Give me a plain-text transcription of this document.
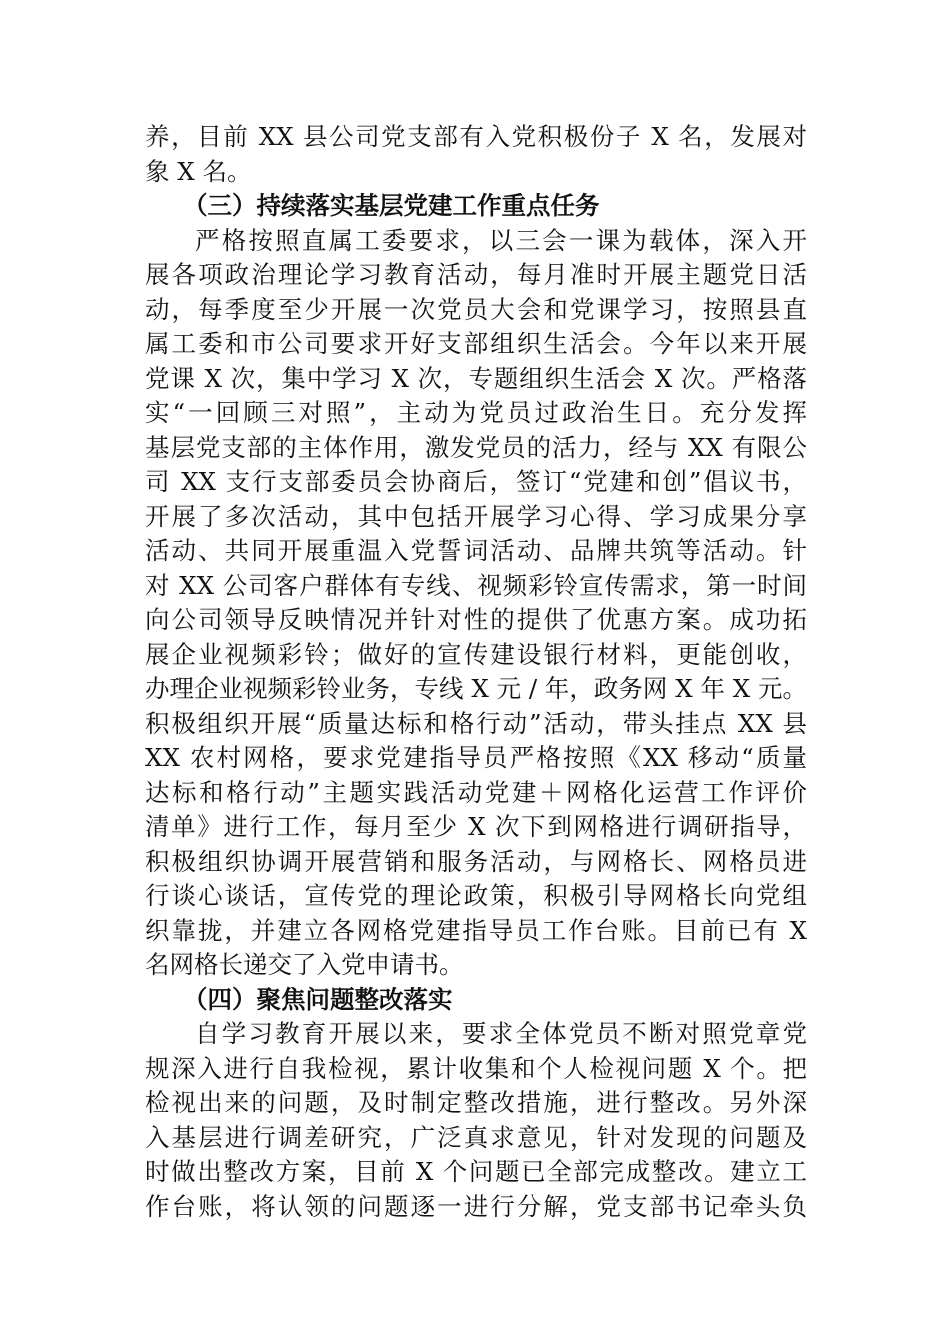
养，目前 XX 县公司党支部有入党积极份子 X 名，发展对
象 X 名。
（三）持续落实基层党建工作重点任务
严格按照直属工委要求，以三会一课为载体，深入开
展各项政治理论学习教育活动，每月准时开展主题党日活
动，每季度至少开展一次党员大会和党课学习，按照县直
属工委和市公司要求开好支部组织生活会。今年以来开展
党课 X 次，集中学习 X 次，专题组织生活会 X 次。严格落
实“一回顾三对照”，主动为党员过政治生日。充分发挥
基层党支部的主体作用，激发党员的活力，经与 XX 有限公
司 XX 支行支部委员会协商后，签订“党建和创”倡议书，
开展了多次活动，其中包括开展学习心得、学习成果分享
活动、共同开展重温入党誓词活动、品牌共筑等活动。针
对 XX 公司客户群体有专线、视频彩铃宣传需求，第一时间
向公司领导反映情况并针对性的提供了优惠方案。成功拓
展企业视频彩铃；做好的宣传建设银行材料，更能创收，
办理企业视频彩铃业务，专线 X 元 / 年，政务网 X 年 X 元。
积极组织开展“质量达标和格行动”活动，带头挂点 XX 县
XX 农村网格，要求党建指导员严格按照《XX 移动“质量
达标和格行动”主题实践活动党建＋网格化运营工作评价
清单》进行工作，每月至少 X 次下到网格进行调研指导，
积极组织协调开展营销和服务活动，与网格长、网格员进
行谈心谈话，宣传党的理论政策，积极引导网格长向党组
织靠拢，并建立各网格党建指导员工作台账。目前已有 X
名网格长递交了入党申请书。
（四）聚焦问题整改落实
自学习教育开展以来，要求全体党员不断对照党章党
规深入进行自我检视，累计收集和个人检视问题 X 个。把
检视出来的问题，及时制定整改措施，进行整改。另外深
入基层进行调差研究，广泛真求意见，针对发现的问题及
时做出整改方案，目前 X 个问题已全部完成整改。建立工
作台账，将认领的问题逐一进行分解，党支部书记牵头负
